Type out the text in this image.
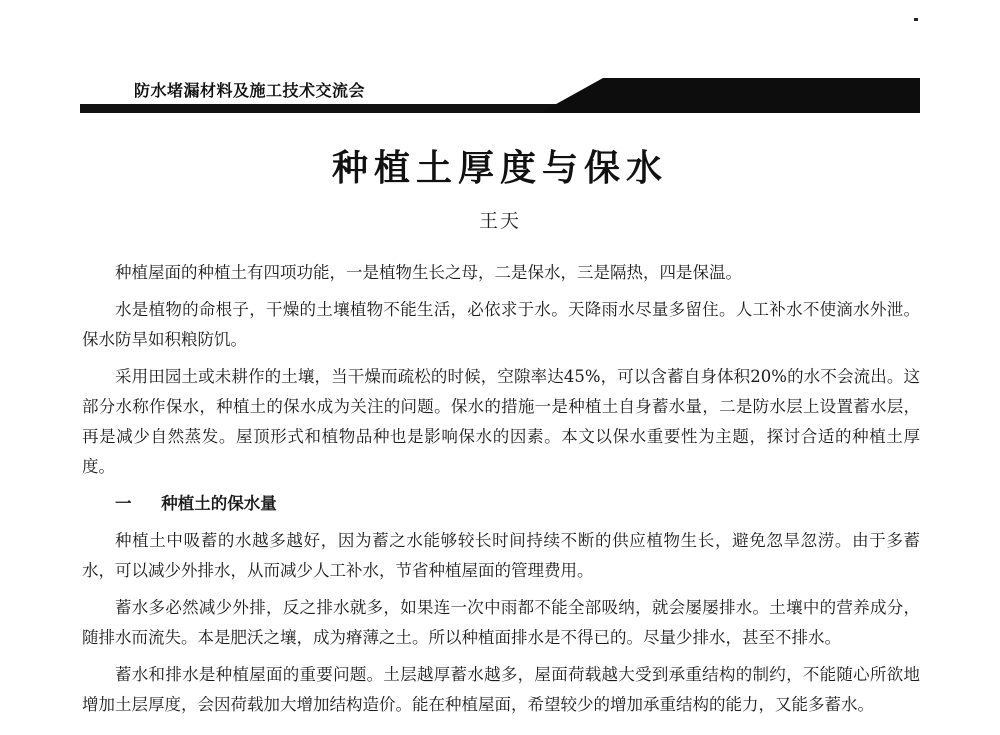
防水堵漏材料及施工技术交流会
种植土厚度与保水
王天

种植屋面的种植土有四项功能，一是植物生长之母，二是保水，三是隔热，四是保温。

水是植物的命根子，干燥的土壤植物不能生活，必依求于水。天降雨水尽量多留住。人工补水不使滴水外泄。保水防旱如积粮防饥。

采用田园土或未耕作的土壤，当干燥而疏松的时候，空隙率达45%，可以含蓄自身体积20%的水不会流出。这部分水称作保水，种植土的保水成为关注的问题。保水的措施一是种植土自身蓄水量，二是防水层上设置蓄水层，再是减少自然蒸发。屋顶形式和植物品种也是影响保水的因素。本文以保水重要性为主题，探讨合适的种植土厚度。

一 种植土的保水量

种植土中吸蓄的水越多越好，因为蓄之水能够较长时间持续不断的供应植物生长，避免忽旱忽涝。由于多蓄水，可以减少外排水，从而减少人工补水，节省种植屋面的管理费用。

蓄水多必然减少外排，反之排水就多，如果连一次中雨都不能全部吸纳，就会屡屡排水。土壤中的营养成分，随排水而流失。本是肥沃之壤，成为瘠薄之土。所以种植面排水是不得已的。尽量少排水，甚至不排水。

蓄水和排水是种植屋面的重要问题。土层越厚蓄水越多，屋面荷载越大受到承重结构的制约，不能随心所欲地增加土层厚度，会因荷载加大增加结构造价。能在种植屋面，希望较少的增加承重结构的能力，又能多蓄水。
